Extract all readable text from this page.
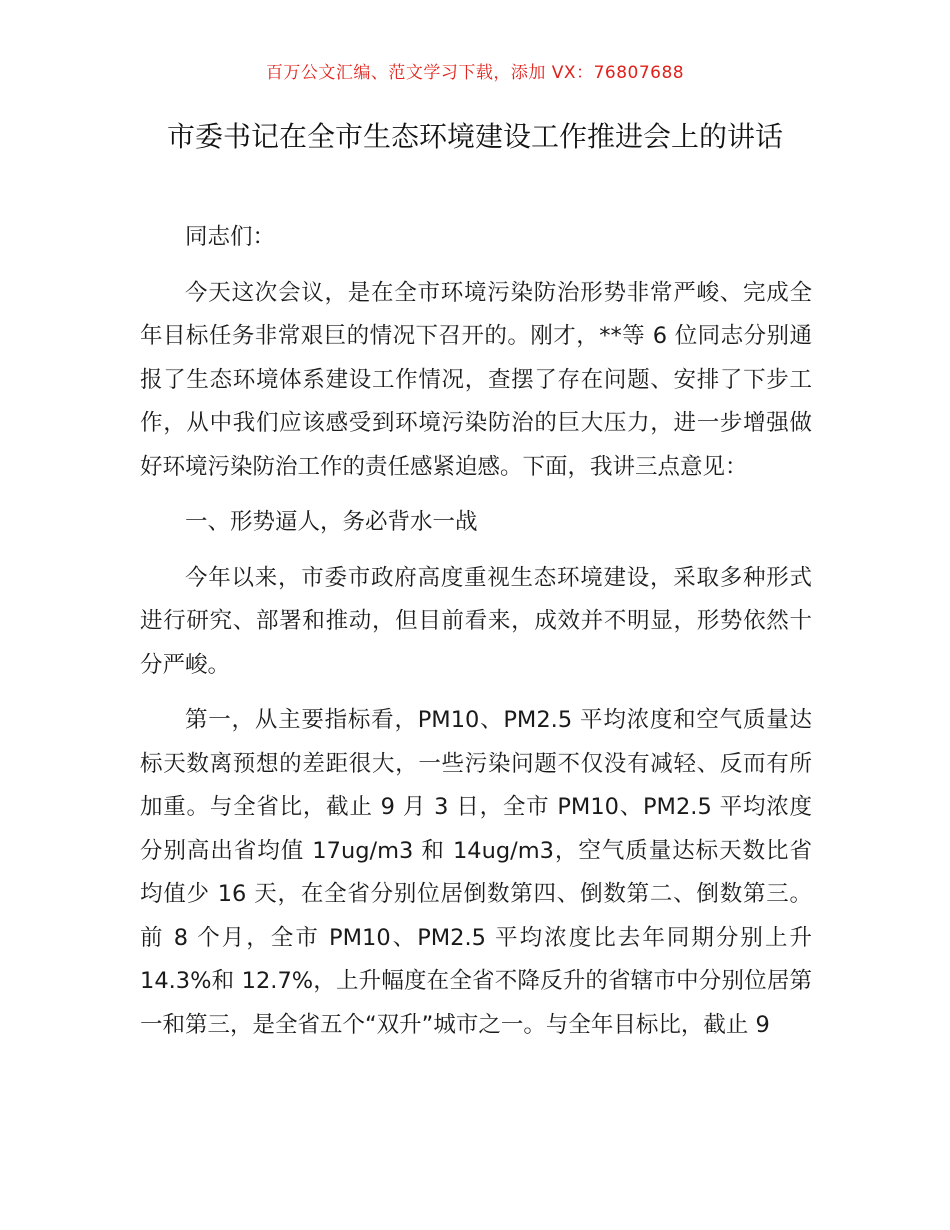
百万公文汇编、范文学习下载，添加 VX：76807688

市委书记在全市生态环境建设工作推进会上的讲话

同志们：

今天这次会议，是在全市环境污染防治形势非常严峻、完成全年目标任务非常艰巨的情况下召开的。刚才，**等 6 位同志分别通报了生态环境体系建设工作情况，查摆了存在问题、安排了下步工作，从中我们应该感受到环境污染防治的巨大压力，进一步增强做好环境污染防治工作的责任感紧迫感。下面，我讲三点意见：

一、形势逼人，务必背水一战

今年以来，市委市政府高度重视生态环境建设，采取多种形式进行研究、部署和推动，但目前看来，成效并不明显，形势依然十分严峻。

第一，从主要指标看，PM10、PM2.5 平均浓度和空气质量达标天数离预想的差距很大，一些污染问题不仅没有减轻、反而有所加重。与全省比，截止 9 月 3 日，全市 PM10、PM2.5 平均浓度分别高出省均值 17ug/m3 和 14ug/m3，空气质量达标天数比省均值少 16 天，在全省分别位居倒数第四、倒数第二、倒数第三。前 8 个月，全市 PM10、PM2.5 平均浓度比去年同期分别上升 14.3%和 12.7%，上升幅度在全省不降反升的省辖市中分别位居第一和第三，是全省五个“双升”城市之一。与全年目标比，截止 9
